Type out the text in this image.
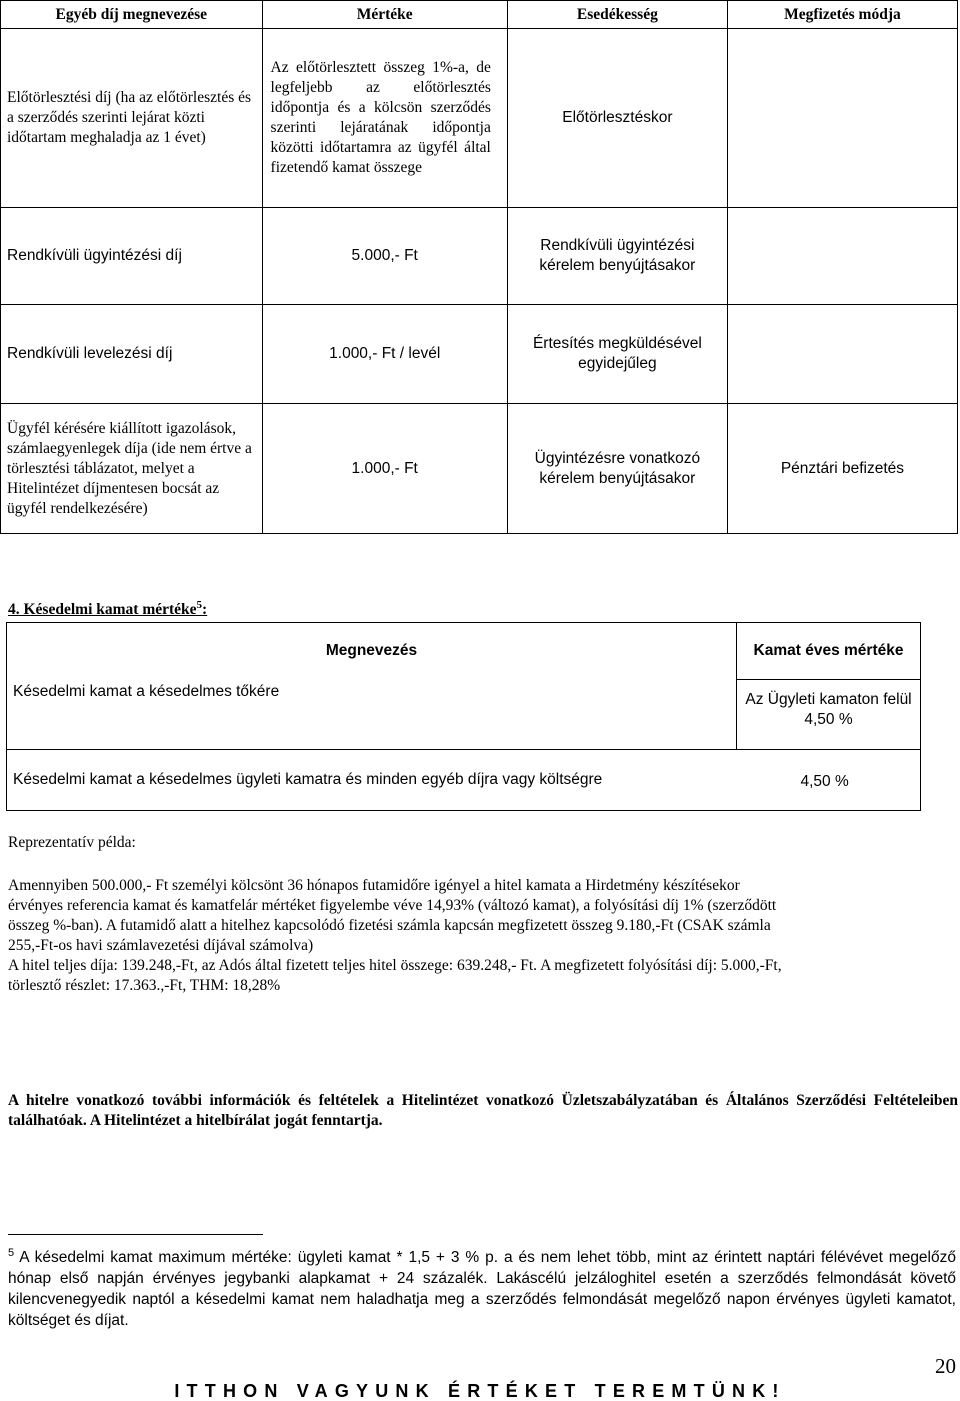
Egyéb díj megnevezése	Mértéke	Esedékesség	Megfizetés módja
Előtörlesztési díj (ha az előtörlesztés és a szerződés szerinti lejárat közti időtartam meghaladja az 1 évet)	Az előtörlesztett összeg 1%-a, de legfeljebb az előtörlesztés időpontja és a kölcsön szerződés szerinti lejáratának időpontja közötti időtartamra az ügyfél által fizetendő kamat összege	Előtörlesztéskor	
Rendkívüli ügyintézési díj	5.000,- Ft	Rendkívüli ügyintézési kérelem benyújtásakor	
Rendkívüli levelezési díj	1.000,- Ft / levél	Értesítés megküldésével egyidejűleg	
Ügyfél kérésére kiállított igazolások, számlaegyenlegek díja (ide nem értve a törlesztési táblázatot, melyet a Hitelintézet díjmentesen bocsát az ügyfél rendelkezésére)	1.000,- Ft	Ügyintézésre vonatkozó kérelem benyújtásakor	Pénztári befizetés
4. Késedelmi kamat mértéke$^5$:
Megnevezés	Kamat éves mértéke
Késedelmi kamat a késedelmes tőkére	Az Ügyleti kamaton felül 4,50 %
Késedelmi kamat a késedelmes ügyleti kamatra és minden egyéb díjra vagy költségre 4,50 %	
Reprezentatív példa:
Amennyiben 500.000,- Ft személyi kölcsönt 36 hónapos futamidőre igényel a hitel kamata a Hirdetmény készítésekor
érvényes referencia kamat és kamatfelár mértéket figyelembe véve 14,93% (változó kamat), a folyósítási díj 1% (szerződött
összeg %-ban). A futamidő alatt a hitelhez kapcsolódó fizetési számla kapcsán megfizetett összeg 9.180,-Ft (CSAK számla
255,-Ft-os havi számlavezetési díjával számolva)
A hitel teljes díja: 139.248,-Ft, az Adós által fizetett teljes hitel összege: 639.248,- Ft. A megfizetett folyósítási díj: 5.000,-Ft,
törlesztő részlet: 17.363.,-Ft, THM: 18,28%
A hitelre vonatkozó további információk és feltételek a Hitelintézet vonatkozó Üzletszabályzatában és Általános Szerződési Feltételeiben találhatóak. A Hitelintézet a hitelbírálat jogát fenntartja.
$^5$ A késedelmi kamat maximum mértéke: ügyleti kamat * 1,5 + 3 % p. a és nem lehet több, mint az érintett naptári félévévet megelőző hónap első napján érvényes jegybanki alapkamat + 24 százalék. Lakáscélú jelzáloghitel esetén a szerződés felmondását követő kilencvenegyedik naptól a késedelmi kamat nem haladhatja meg a szerződés felmondását megelőző napon érvényes ügyleti kamatot, költséget és díjat.
20
ITTHON VAGYUNK ÉRTÉKET TEREMTÜNK!
